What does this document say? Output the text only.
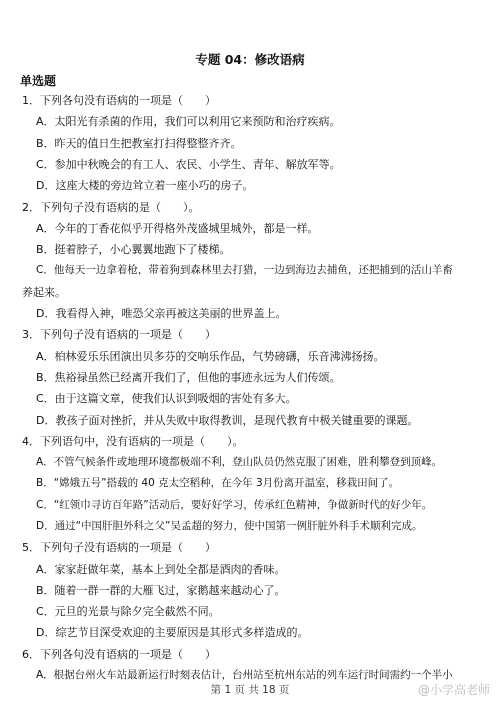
专题 04：修改语病
单选题
1．下列各句没有语病的一项是（　　）
A．太阳光有杀菌的作用，我们可以利用它来预防和治疗疾病。
B．昨天的值日生把教室打扫得整整齐齐。
C．参加中秋晚会的有工人、农民、小学生、青年、解放军等。
D．这座大楼的旁边耸立着一座小巧的房子。
2．下列句子没有语病的是（　　）。
A．今年的丁香花似乎开得格外茂盛城里城外，都是一样。
B．挺着脖子，小心翼翼地跑下了楼梯。
C．他每天一边拿着枪，带着狗到森林里去打猎，一边到海边去捕鱼，还把捕到的活山羊畜
养起来。
D．我看得入神，唯恐父亲再被这美丽的世界盖上。
3．下列句子没有语病的一项是（　　）
A．柏林爱乐乐团演出贝多芬的交响乐作品，气势磅礴，乐音沸沸扬扬。
B．焦裕禄虽然已经离开我们了，但他的事迹永远为人们传颂。
C．由于这篇文章，使我们认识到吸烟的害处有多大。
D．教孩子面对挫折，并从失败中取得教训，是现代教育中极关键重要的课题。
4．下列语句中，没有语病的一项是（　　）。
A．不管气候条件或地理环境都极端不利，登山队员仍然克服了困难，胜利攀登到顶峰。
B．“嫦娥五号”搭载的 40 克太空稻种，在今年 3月份离开温室，移栽田间了。
C．“红领巾寻访百年路”活动后，要好好学习，传承红色精神，争做新时代的好少年。
D．通过“中国肝胆外科之父”吴孟超的努力，使中国第一例肝脏外科手术顺利完成。
5．下列句子没有语病的一项是（　　）
A．家家赶做年菜，基本上到处全都是酒肉的香味。
B．随着一群一群的大雁飞过，家鹅越来越动心了。
C．元旦的光景与除夕完全截然不同。
D．综艺节目深受欢迎的主要原因是其形式多样造成的。
6．下列各句没有语病的一项是（　　）
第 1 页 共 18 页	@小学高老师
A．根据台州火车站最新运行时刻表估计，台州站至杭州东站的列车运行时间需约一个半小
